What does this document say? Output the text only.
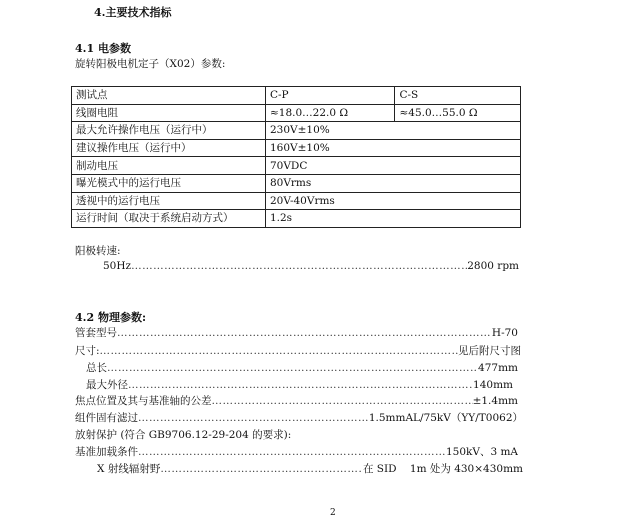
4.主要技术指标
4.1 电参数
旋转阳极电机定子（X02）参数:
测试点	C-P	C-S
线圈电阻	≈18.0…22.0 Ω	≈45.0…55.0 Ω
最大允许操作电压（运行中）	230V±10%	
建议操作电压（运行中）	160V±10%	
制动电压	70VDC	
曝光模式中的运行电压	80Vrms	
透视中的运行电压	20V-40Vrms	
运行时间（取决于系统启动方式）	1.2s	
阳极转速:
50Hz ……………………………………………………………………………………………………………………………………………………………………………	2800 rpm
4.2 物理参数:
管套型号 ……………………………………………………………………………………………………………………………………………………………………………	H-70
尺寸: ……………………………………………………………………………………………………………………………………………………………………………	见后附尺寸图
总长 ……………………………………………………………………………………………………………………………………………………………………………	477mm
最大外径 ……………………………………………………………………………………………………………………………………………………………………………	140mm
焦点位置及其与基准轴的公差 ……………………………………………………………………………………………………………………………………………………………………………	±1.4mm
组件固有滤过 ……………………………………………………………………………………………………………………………………………………………………………	1.5mmAL/75kV（YY/T0062）
放射保护 (符合 GB9706.12-29-204 的要求):
基准加载条件 ……………………………………………………………………………………………………………………………………………………………………………	150kV、3 mA
X 射线辐射野 ……………………………………………………………………………………………………………………………………………………………………………	在 SID    1m 处为 430×430mm
2
